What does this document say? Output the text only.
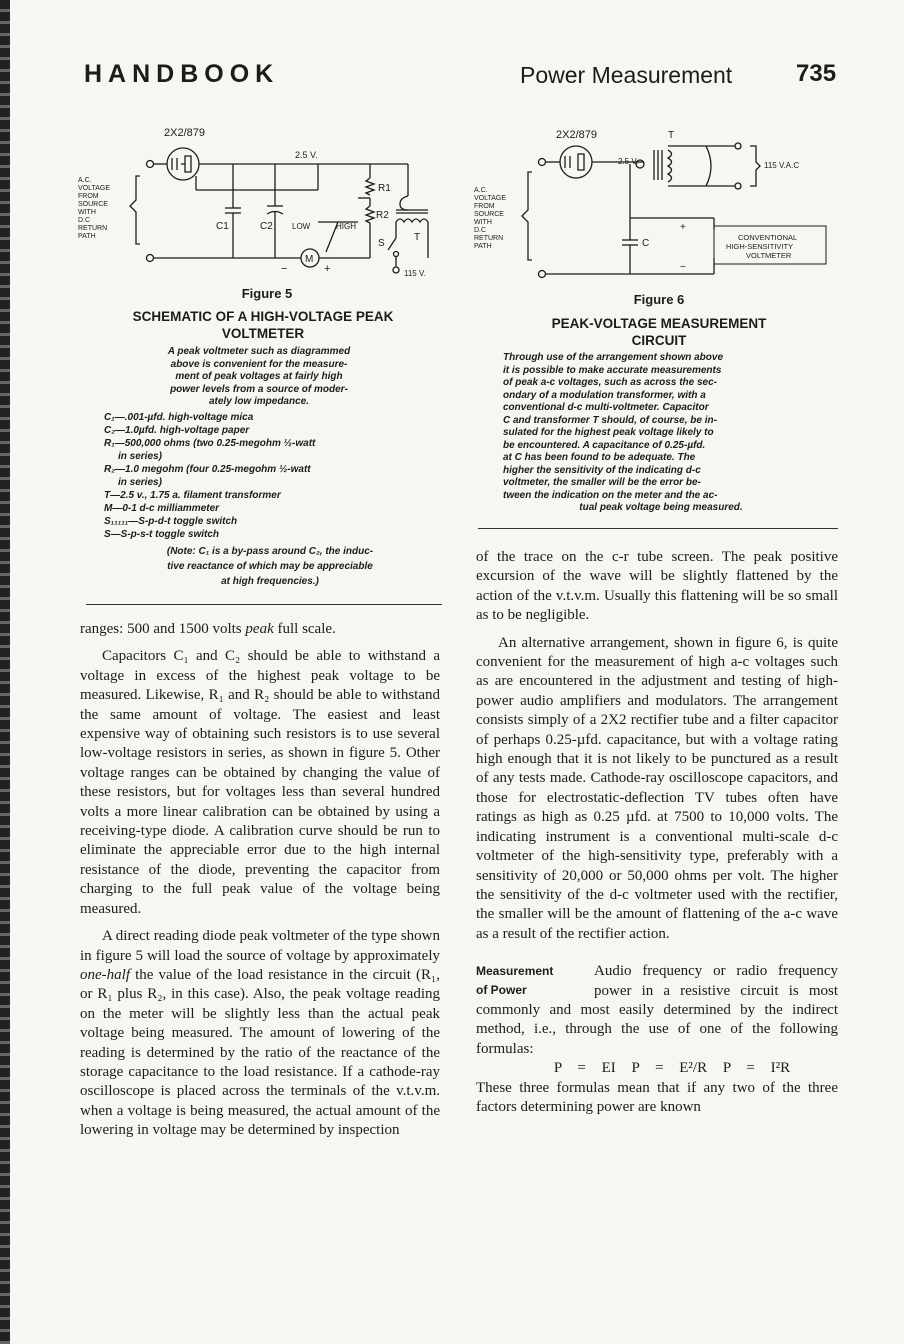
HANDBOOK	Power Measurement	735
2X2/879
2.5 V.
A.C.
VOLTAGE
FROM
SOURCE
WITH
D.C
RETURN
PATH
C1	C2
R1
R2
LOW	HIGH
M
−	+
T
S
115 V.
Figure 5
SCHEMATIC OF A HIGH-VOLTAGE PEAK
VOLTMETER
A peak voltmeter such as diagrammed
above is convenient for the measure-
ment of peak voltages at fairly high
power levels from a source of moder-
ately low impedance.
C₁—.001-µfd. high-voltage mica
C₂—1.0µfd. high-voltage paper
R₁—500,000 ohms (two 0.25-megohm ½-watt
in series)
R₂—1.0 megohm (four 0.25-megohm ½-watt
in series)
T—2.5 v., 1.75 a. filament transformer
M—0-1 d-c milliammeter
S₁₁₁₁₁—S-p-d-t toggle switch
S—S-p-s-t toggle switch
(Note: C₁ is a by-pass around C₂, the induc-
tive reactance of which may be appreciable
at high frequencies.)
2X2/879	T
2.5 V.	115 V.A.C
A.C.
VOLTAGE
FROM
SOURCE
WITH
D.C
RETURN
PATH	C
+
−
CONVENTIONAL
HIGH-SENSITIVITY
VOLTMETER
Figure 6
PEAK-VOLTAGE MEASUREMENT
CIRCUIT
Through use of the arrangement shown above
it is possible to make accurate measurements
of peak a-c voltages, such as across the sec-
ondary of a modulation transformer, with a
conventional d-c multi-voltmeter. Capacitor
C and transformer T should, of course, be in-
sulated for the highest peak voltage likely to
be encountered. A capacitance of 0.25-µfd.
at C has been found to be adequate. The
higher the sensitivity of the indicating d-c
voltmeter, the smaller will be the error be-
tween the indication on the meter and the ac-
tual peak voltage being measured.

ranges: 500 and 1500 volts peak full scale.

Capacitors C₁ and C₂ should be able to withstand a voltage in excess of the highest peak voltage to be measured. Likewise, R₁ and R₂ should be able to withstand the same amount of voltage. The easiest and least expensive way of obtaining such resistors is to use several low-voltage resistors in series, as shown in figure 5. Other voltage ranges can be obtained by changing the value of these resistors, but for voltages less than several hundred volts a more linear calibration can be obtained by using a receiving-type diode. A calibration curve should be run to eliminate the appreciable error due to the high internal resistance of the diode, preventing the capacitor from charging to the full peak value of the voltage being measured.

A direct reading diode peak voltmeter of the type shown in figure 5 will load the source of voltage by approximately one-half the value of the load resistance in the circuit (R₁, or R₁ plus R₂, in this case). Also, the peak voltage reading on the meter will be slightly less than the actual peak voltage being measured. The amount of lowering of the reading is determined by the ratio of the reactance of the storage capacitance to the load resistance. If a cathode-ray oscilloscope is placed across the terminals of the v.t.v.m. when a voltage is being measured, the actual amount of the lowering in voltage may be determined by inspection

of the trace on the c-r tube screen. The peak positive excursion of the wave will be slightly flattened by the action of the v.t.v.m. Usually this flattening will be so small as to be negligible.

An alternative arrangement, shown in figure 6, is quite convenient for the measurement of high a-c voltages such as are encountered in the adjustment and testing of high-power audio amplifiers and modulators. The arrangement consists simply of a 2X2 rectifier tube and a filter capacitor of perhaps 0.25-µfd. capacitance, but with a voltage rating high enough that it is not likely to be punctured as a result of any tests made. Cathode-ray oscilloscope capacitors, and those for electrostatic-deflection TV tubes often have ratings as high as 0.25 µfd. at 7500 to 10,000 volts. The indicating instrument is a conventional multi-scale d-c voltmeter of the high-sensitivity type, preferably with a sensitivity of 20,000 or 50,000 ohms per volt. The higher the sensitivity of the d-c voltmeter used with the rectifier, the smaller will be the amount of flattening of the a-c wave as a result of the rectifier action.

Measurement
of Power

Audio frequency or radio frequency power in a resistive circuit is most commonly and most easily determined by the indirect method, i.e., through the use of one of the following formulas:

P = EI P = E²/R P = I²R

These three formulas mean that if any two of the three factors determining power are known
